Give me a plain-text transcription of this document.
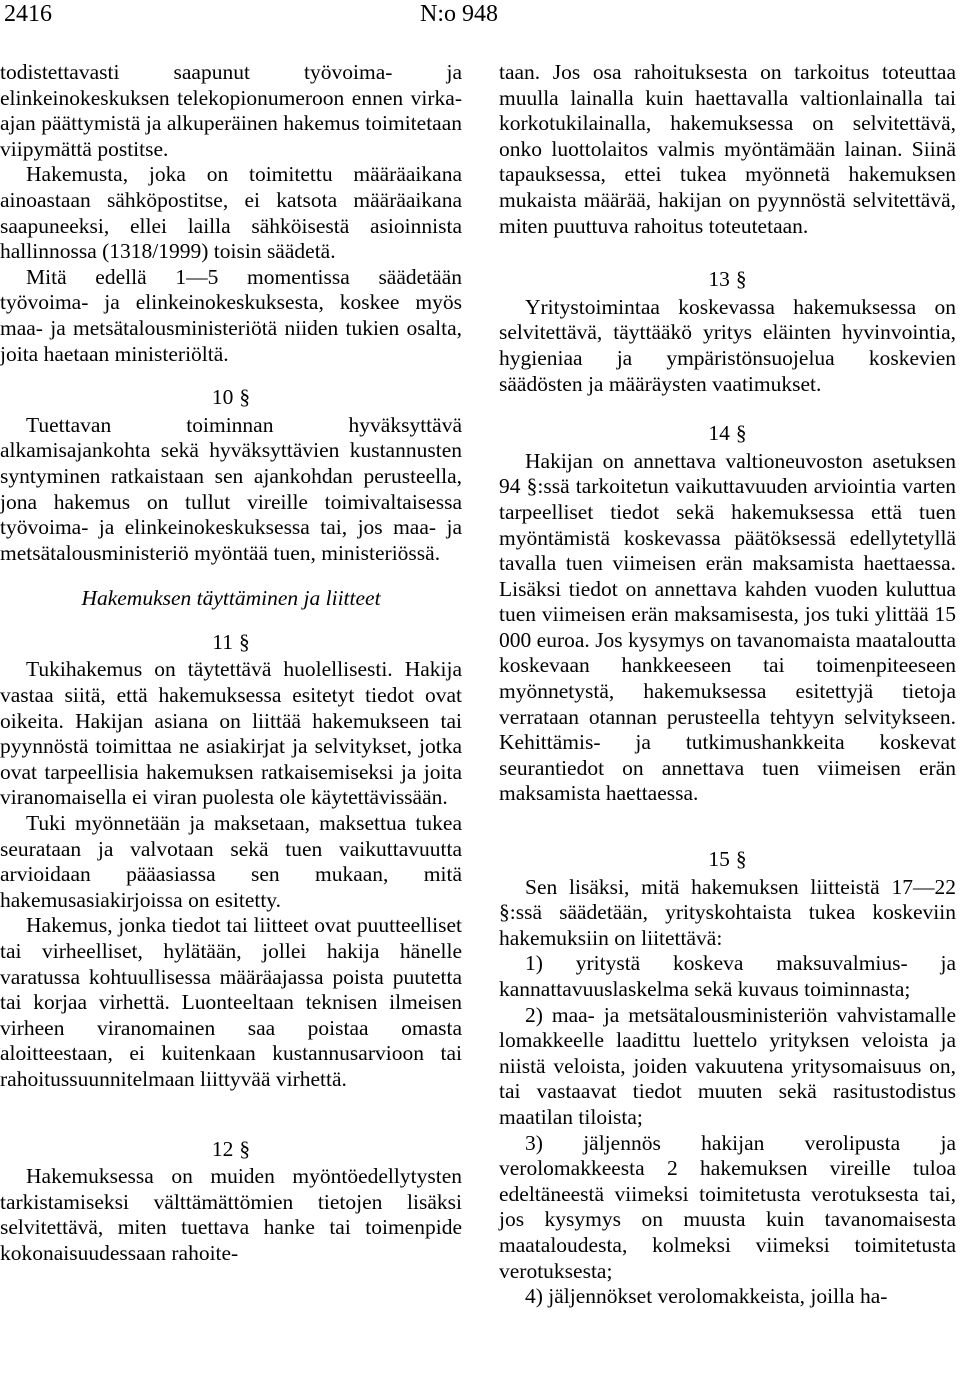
2416	N:o 948

todistettavasti saapunut työvoima- ja elinkeinokeskuksen telekopionumeroon ennen virka-ajan päättymistä ja alkuperäinen hakemus toimitetaan viipymättä postitse.

Hakemusta, joka on toimitettu määräaikana ainoastaan sähköpostitse, ei katsota määräaikana saapuneeksi, ellei lailla sähköisestä asioinnista hallinnossa (1318/1999) toisin säädetä.

Mitä edellä 1—5 momentissa säädetään työvoima- ja elinkeinokeskuksesta, koskee myös maa- ja metsätalousministeriötä niiden tukien osalta, joita haetaan ministeriöltä.

10 §

Tuettavan toiminnan hyväksyttävä alkamisajankohta sekä hyväksyttävien kustannusten syntyminen ratkaistaan sen ajankohdan perusteella, jona hakemus on tullut vireille toimivaltaisessa työvoima- ja elinkeinokeskuksessa tai, jos maa- ja metsätalousministeriö myöntää tuen, ministeriössä.

Hakemuksen täyttäminen ja liitteet
11 §

Tukihakemus on täytettävä huolellisesti. Hakija vastaa siitä, että hakemuksessa esitetyt tiedot ovat oikeita. Hakijan asiana on liittää hakemukseen tai pyynnöstä toimittaa ne asiakirjat ja selvitykset, jotka ovat tarpeellisia hakemuksen ratkaisemiseksi ja joita viranomaisella ei viran puolesta ole käytettävissään.

Tuki myönnetään ja maksetaan, maksettua tukea seurataan ja valvotaan sekä tuen vaikuttavuutta arvioidaan pääasiassa sen mukaan, mitä hakemusasiakirjoissa on esitetty.

Hakemus, jonka tiedot tai liitteet ovat puutteelliset tai virheelliset, hylätään, jollei hakija hänelle varatussa kohtuullisessa määräajassa poista puutetta tai korjaa virhettä. Luonteeltaan teknisen ilmeisen virheen viranomainen saa poistaa omasta aloitteestaan, ei kuitenkaan kustannusarvioon tai rahoitussuunnitelmaan liittyvää virhettä.

12 §

Hakemuksessa on muiden myöntöedellytysten tarkistamiseksi välttämättömien tietojen lisäksi selvitettävä, miten tuettava hanke tai toimenpide kokonaisuudessaan rahoite-

taan. Jos osa rahoituksesta on tarkoitus toteuttaa muulla lainalla kuin haettavalla valtionlainalla tai korkotukilainalla, hakemuksessa on selvitettävä, onko luottolaitos valmis myöntämään lainan. Siinä tapauksessa, ettei tukea myönnetä hakemuksen mukaista määrää, hakijan on pyynnöstä selvitettävä, miten puuttuva rahoitus toteutetaan.

13 §

Yritystoimintaa koskevassa hakemuksessa on selvitettävä, täyttääkö yritys eläinten hyvinvointia, hygieniaa ja ympäristönsuojelua koskevien säädösten ja määräysten vaatimukset.

14 §

Hakijan on annettava valtioneuvoston asetuksen 94 §:ssä tarkoitetun vaikuttavuuden arviointia varten tarpeelliset tiedot sekä hakemuksessa että tuen myöntämistä koskevassa päätöksessä edellytetyllä tavalla tuen viimeisen erän maksamista haettaessa. Lisäksi tiedot on annettava kahden vuoden kuluttua tuen viimeisen erän maksamisesta, jos tuki ylittää 15 000 euroa. Jos kysymys on tavanomaista maataloutta koskevaan hankkeeseen tai toimenpiteeseen myönnetystä, hakemuksessa esitettyjä tietoja verrataan otannan perusteella tehtyyn selvitykseen. Kehittämis- ja tutkimushankkeita koskevat seurantiedot on annettava tuen viimeisen erän maksamista haettaessa.

15 §

Sen lisäksi, mitä hakemuksen liitteistä 17—22 §:ssä säädetään, yrityskohtaista tukea koskeviin hakemuksiin on liitettävä:

1) yritystä koskeva maksuvalmius- ja kannattavuuslaskelma sekä kuvaus toiminnasta;

2) maa- ja metsätalousministeriön vahvistamalle lomakkeelle laadittu luettelo yrityksen veloista ja niistä veloista, joiden vakuutena yritysomaisuus on, tai vastaavat tiedot muuten sekä rasitustodistus maatilan tiloista;

3) jäljennös hakijan verolipusta ja verolomakkeesta 2 hakemuksen vireille tuloa edeltäneestä viimeksi toimitetusta verotuksesta tai, jos kysymys on muusta kuin tavanomaisesta maataloudesta, kolmeksi viimeksi toimitetusta verotuksesta;

4) jäljennökset verolomakkeista, joilla ha-
